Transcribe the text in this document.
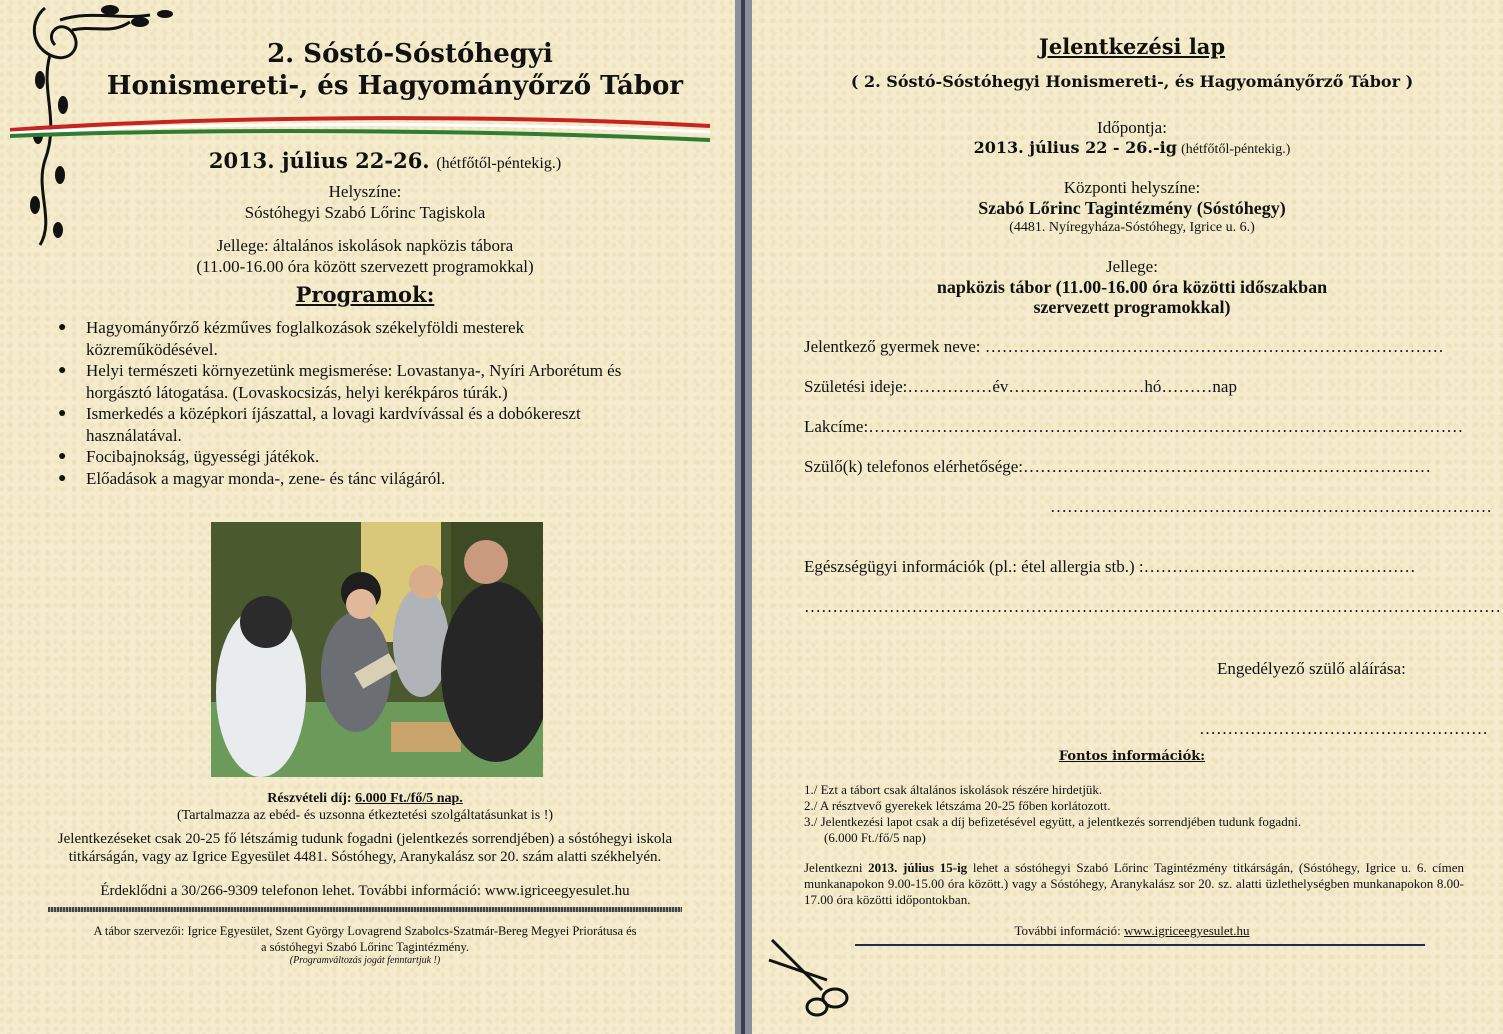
2. Sóstó-Sóstóhegyi
Honismereti-, és Hagyományőrző Tábor
2013. július 22-26. (hétfőtől-péntekig.)
Helyszíne:
Sóstóhegyi Szabó Lőrinc Tagiskola
Jellege: általános iskolások napközis tábora
(11.00-16.00 óra között szervezett programokkal)
Programok:
● Hagyományőrző kézműves foglalkozások székelyföldi mesterek közreműködésével.
● Helyi természeti környezetünk megismerése: Lovastanya-, Nyíri Arborétum és horgásztó látogatása. (Lovaskocsizás, helyi kerékpáros túrák.)
● Ismerkedés a középkori íjászattal, a lovagi kardvívással és a dobókereszt használatával.
● Focibajnokság, ügyességi játékok.
● Előadások a magyar monda-, zene- és tánc világáról.
Részvételi díj: 6.000 Ft./fő/5 nap.
(Tartalmazza az ebéd- és uzsonna étkeztetési szolgáltatásunkat is !)
Jelentkezéseket csak 20-25 fő létszámig tudunk fogadni (jelentkezés sorrendjében) a sóstóhegyi iskola titkárságán, vagy az Igrice Egyesület 4481. Sóstóhegy, Aranykalász sor 20. szám alatti székhelyén.
Érdeklődni a 30/266-9309 telefonon lehet. További információ: www.igriceegyesulet.hu
A tábor szervezői: Igrice Egyesület, Szent György Lovagrend Szabolcs-Szatmár-Bereg Megyei Priorátusa és
a sóstóhegyi Szabó Lőrinc Tagintézmény.
(Programváltozás jogát fenntartjuk !)
Jelentkezési lap
( 2. Sóstó-Sóstóhegyi Honismereti-, és Hagyományőrző Tábor )
Időpontja:
2013. július 22 - 26.-ig (hétfőtől-péntekig.)
Központi helyszíne:
Szabó Lőrinc Tagintézmény (Sóstóhegy)
(4481. Nyíregyháza-Sóstóhegy, Igrice u. 6.)
Jellege:
napközis tábor (11.00-16.00 óra közötti időszakban
szervezett programokkal)
Jelentkező gyermek neve: ………………………………………………………………………
Születési ideje:……………év……………………hó………nap
Lakcíme:……………………………………………………………………………………………
Szülő(k) telefonos elérhetősége:………………………………………………………………
……………………………………………………………………
Egészségügyi információk (pl.: étel allergia stb.) :…………………………………………
……………………………………………………………………………………………………………
Engedélyező szülő aláírása:
……………………………………………
Fontos információk:
1./ Ezt a tábort csak általános iskolások részére hirdetjük.
2./ A résztvevő gyerekek létszáma 20-25 főben korlátozott.
3./ Jelentkezési lapot csak a díj befizetésével együtt, a jelentkezés sorrendjében tudunk fogadni.
(6.000 Ft./fő/5 nap)
Jelentkezni 2013. július 15-ig lehet a sóstóhegyi Szabó Lőrinc Tagintézmény titkárságán, (Sóstóhegy, Igrice u. 6. címen munkanapokon 9.00-15.00 óra között.) vagy a Sóstóhegy, Aranykalász sor 20. sz. alatti üzlethelységben munkanapokon 8.00-17.00 óra közötti időpontokban.
További információ: www.igriceegyesulet.hu
